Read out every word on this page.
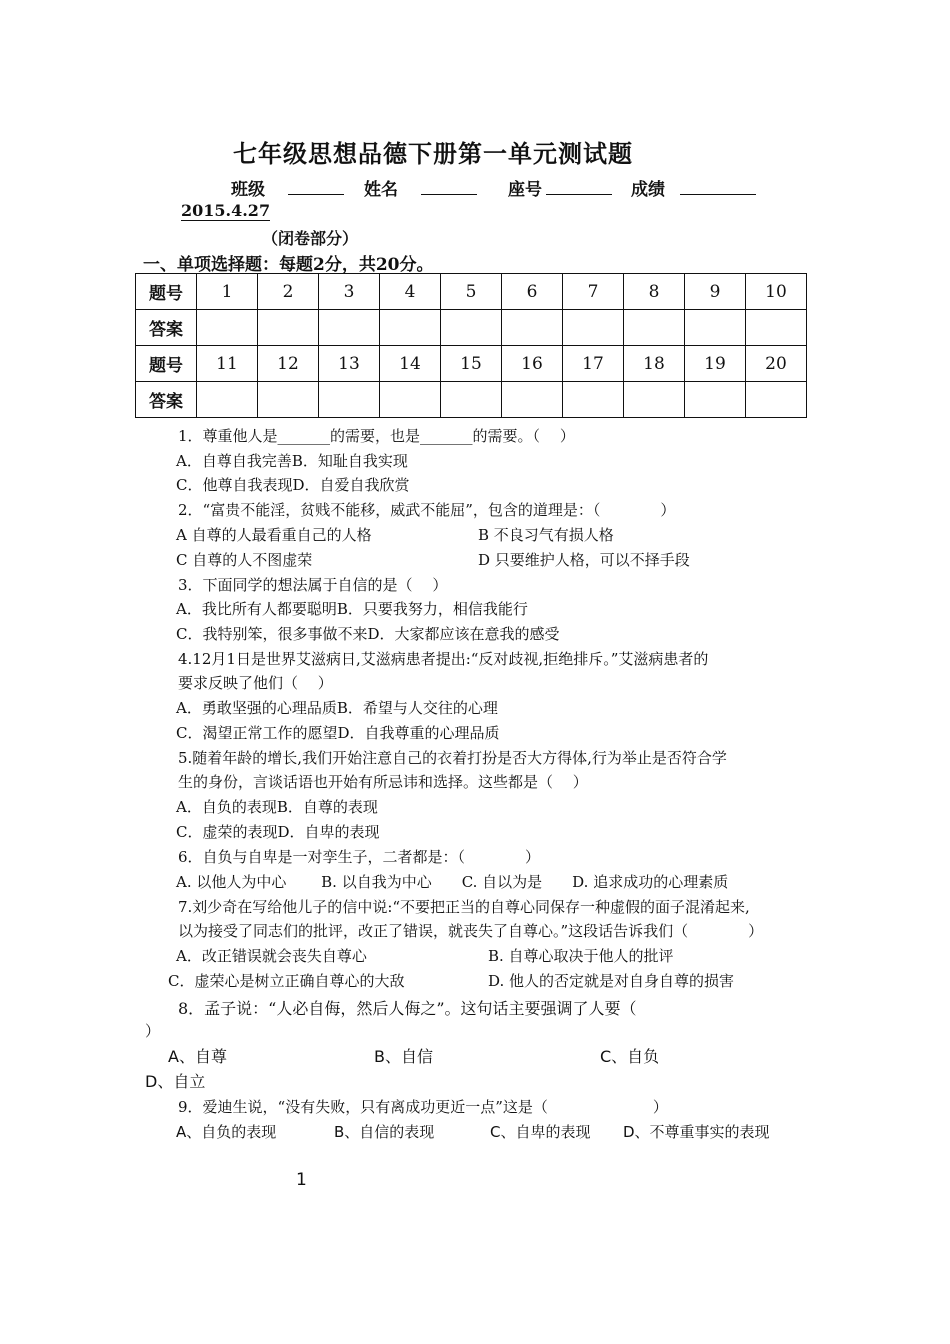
七年级思想品德下册第一单元测试题
班级	姓名	座号	成绩
2015.4.27
（闭卷部分）
一、单项选择题：每题2分，共20分。
题号	1	2	3	4	5	6	7	8	9	10
答案										
题号	11	12	13	14	15	16	17	18	19	20
答案										
1．尊重他人是_______的需要，也是_______的需要。（　 ）
A．自尊自我完善B．知耻自我实现
C．他尊自我表现D．自爱自我欣赏
2．“富贵不能淫，贫贱不能移，威武不能屈”，包含的道理是：（　　　　）
A 自尊的人最看重自己的人格	B 不良习气有损人格
C 自尊的人不图虚荣	D 只要维护人格，可以不择手段
3．下面同学的想法属于自信的是（　 ）
A．我比所有人都要聪明B．只要我努力，相信我能行
C．我特别笨，很多事做不来D．大家都应该在意我的感受
4.12月1日是世界艾滋病日,艾滋病患者提出:“反对歧视,拒绝排斥。”艾滋病患者的
要求反映了他们（　 ）
A．勇敢坚强的心理品质B．希望与人交往的心理
C．渴望正常工作的愿望D．自我尊重的心理品质
5.随着年龄的增长,我们开始注意自己的衣着打扮是否大方得体,行为举止是否符合学
生的身份，言谈话语也开始有所忌讳和选择。这些都是（　 ）
A．自负的表现B．自尊的表现
C．虚荣的表现D．自卑的表现
6．自负与自卑是一对孪生子，二者都是：（　　　　）
A. 以他人为中心　　 B. 以自我为中心　　C. 自以为是　　D. 追求成功的心理素质
7.刘少奇在写给他儿子的信中说:“不要把正当的自尊心同保存一种虚假的面子混淆起来,
以为接受了同志们的批评，改正了错误，就丧失了自尊心。”这段话告诉我们（　　　　）
A．改正错误就会丧失自尊心	B. 自尊心取决于他人的批评
C．虚荣心是树立正确自尊心的大敌	D. 他人的否定就是对自身自尊的损害
8．孟子说：“人必自侮，然后人侮之”。这句话主要强调了人要（
）
A、自尊	B、自信	C、自负
D、自立
9．爱迪生说，“没有失败，只有离成功更近一点”这是（　　　　　　　）
A、自负的表现	B、自信的表现	C、自卑的表现 D、不尊重事实的表现
1
